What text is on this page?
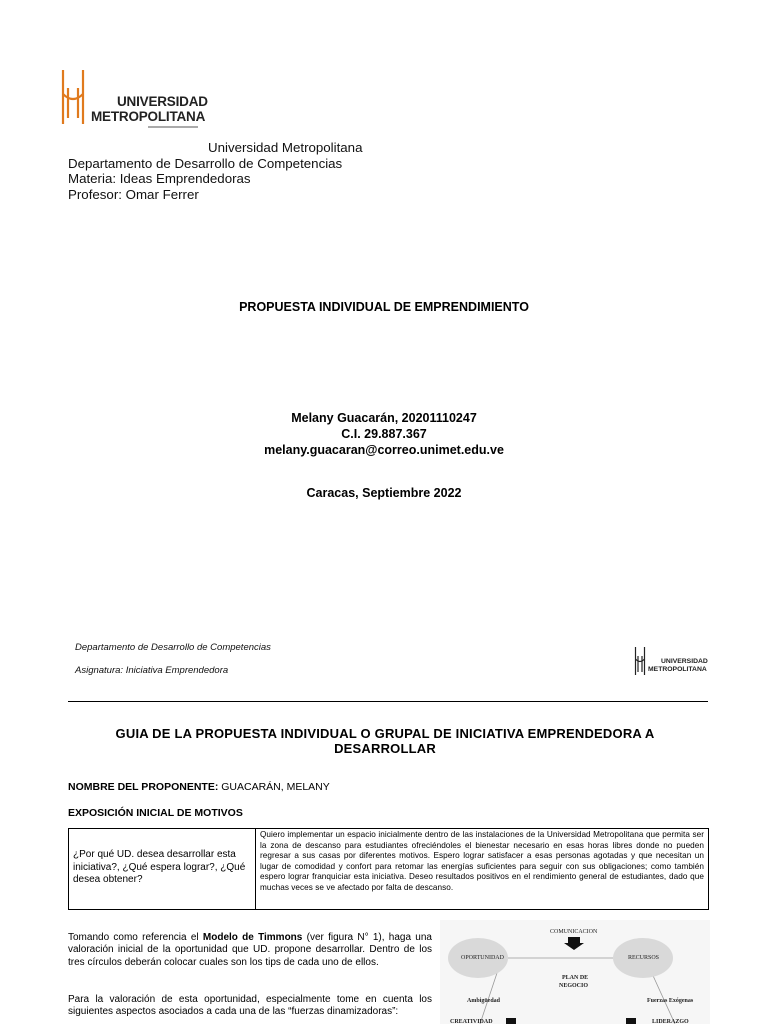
UNIVERSIDAD
METROPOLITANA
Universidad Metropolitana
Departamento de Desarrollo de Competencias
Materia: Ideas Emprendedoras
Profesor: Omar Ferrer
PROPUESTA INDIVIDUAL DE EMPRENDIMIENTO
Melany Guacarán, 20201110247
C.I. 29.887.367
melany.guacaran@correo.unimet.edu.ve
Caracas, Septiembre 2022
Departamento de Desarrollo de Competencias
Asignatura: Iniciativa Emprendedora
UNIVERSIDAD
METROPOLITANA
GUIA DE LA PROPUESTA INDIVIDUAL O GRUPAL DE INICIATIVA EMPRENDEDORA A DESARROLLAR
NOMBRE DEL PROPONENTE: GUACARÁN, MELANY
EXPOSICIÓN INICIAL DE MOTIVOS
¿Por qué UD. desea desarrollar esta iniciativa?, ¿Qué espera lograr?, ¿Qué desea obtener?
Quiero implementar un espacio inicialmente dentro de las instalaciones de la Universidad Metropolitana que permita ser la zona de descanso para estudiantes ofreciéndoles el bienestar necesario en esas horas libres donde no pueden regresar a sus casas por diferentes motivos. Espero lograr satisfacer a esas personas agotadas y que necesitan un lugar de comodidad y confort para retomar las energías suficientes para seguir con sus obligaciones; como también espero lograr franquiciar esta iniciativa. Deseo resultados positivos en el rendimiento general de estudiantes, dado que muchas veces se ve afectado por falta de descanso.
Tomando como referencia el Modelo de Timmons (ver figura N° 1), haga una valoración inicial de la oportunidad que UD. propone desarrollar. Dentro de los tres círculos deberán colocar cuales son los tips de cada uno de ellos.
Para la valoración de esta oportunidad, especialmente tome en cuenta los siguientes aspectos asociados a cada una de las “fuerzas dinamizadoras”:
COMUNICACION
OPORTUNIDAD	RECURSOS
PLAN DE
NEGOCIO
Ambigüedad	Fuerzas Exógenas
CREATIVIDAD	LIDERAZGO
